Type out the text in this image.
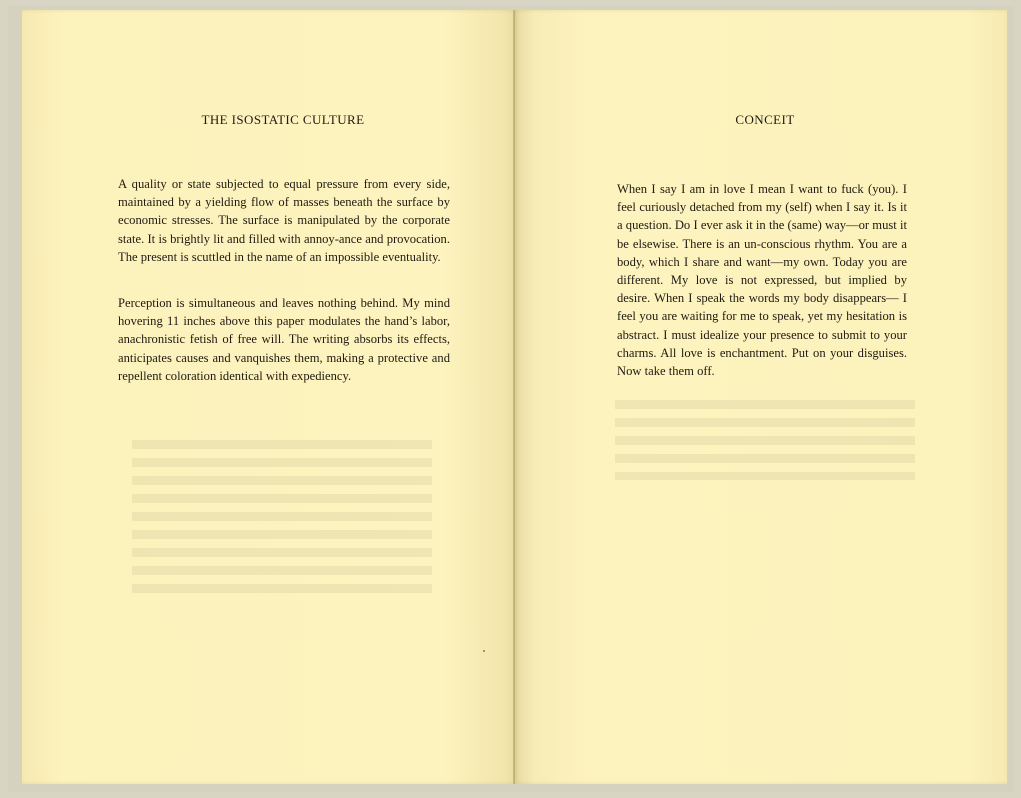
THE ISOSTATIC CULTURE

A quality or state subjected to equal pressure from every side, maintained by a yielding flow of masses beneath the surface by economic stresses. The surface is manipulated by the corporate state. It is brightly lit and filled with annoy-ance and provocation. The present is scuttled in the name of an impossible eventuality.

Perception is simultaneous and leaves nothing behind. My mind hovering 11 inches above this paper modulates the hand’s labor, anachronistic fetish of free will. The writing absorbs its effects, anticipates causes and vanquishes them, making a protective and repellent coloration identical with expediency.

CONCEIT

When I say I am in love I mean I want to fuck (you). I feel curiously detached from my (self) when I say it. Is it a question. Do I ever ask it in the (same) way—or must it be elsewise. There is an un-conscious rhythm. You are a body, which I share and want—my own. Today you are different. My love is not expressed, but implied by desire. When I speak the words my body disappears— I feel you are waiting for me to speak, yet my hesitation is abstract. I must idealize your presence to submit to your charms. All love is enchantment. Put on your disguises. Now take them off.
